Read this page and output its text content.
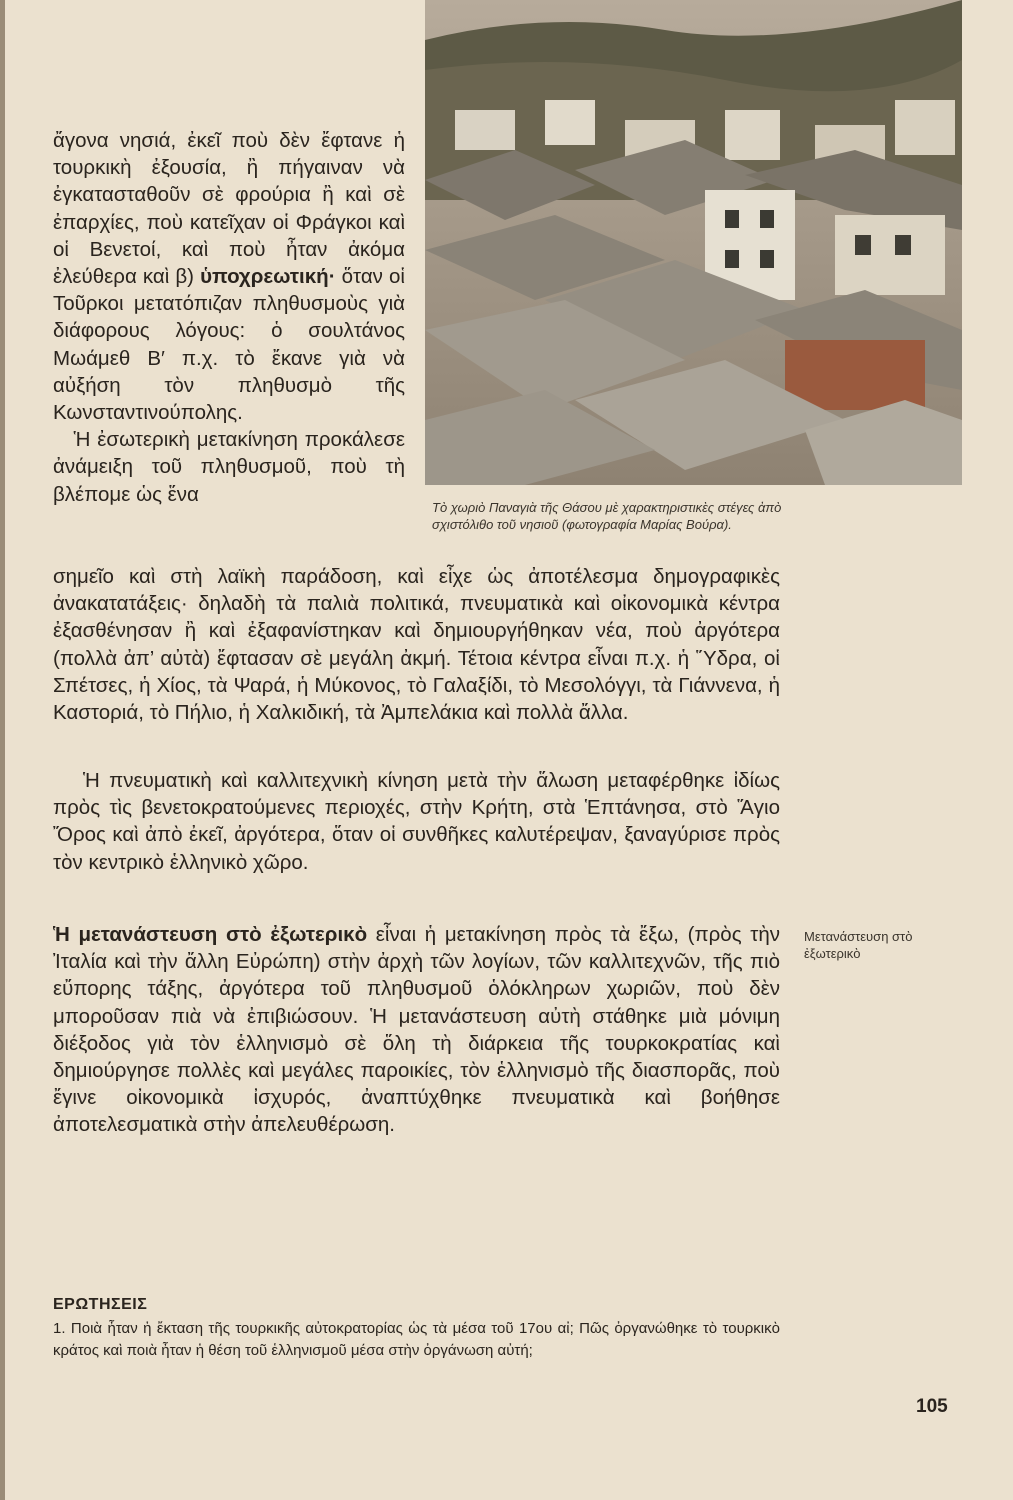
Τὸ χωριὸ Παναγιὰ τῆς Θάσου μὲ χαρακτηριστικὲς στέγες ἀπὸ σχιστόλιθο τοῦ νησιοῦ (φωτογραφία Μαρίας Βούρα).

ἄγονα νησιά, ἐκεῖ ποὺ δὲν ἔφτανε ἡ τουρκικὴ ἐξουσία, ἢ πήγαιναν νὰ ἐγκατασταθοῦν σὲ φρούρια ἢ καὶ σὲ ἐπαρχίες, ποὺ κατεῖχαν οἱ Φράγκοι καὶ οἱ Βενετοί, καὶ ποὺ ἦταν ἀκόμα ἐλεύθερα καὶ β) ὑποχρεωτική· ὅταν οἱ Τοῦρκοι μετατόπιζαν πληθυσμοὺς γιὰ διάφορους λόγους: ὁ σουλτάνος Μωάμεθ Β′ π.χ. τὸ ἔκανε γιὰ νὰ αὐξήση τὸν πληθυσμὸ τῆς Κωνσταντινούπολης.
Ἡ ἐσωτερικὴ μετακίνηση προκάλεσε ἀνάμειξη τοῦ πληθυσμοῦ, ποὺ τὴ βλέπομε ὡς ἕνα

σημεῖο καὶ στὴ λαϊκὴ παράδοση, καὶ εἶχε ὡς ἀποτέλεσμα δημογραφικὲς ἀνακατατάξεις· δηλαδὴ τὰ παλιὰ πολιτικά, πνευματικὰ καὶ οἰκονομικὰ κέντρα ἐξασθένησαν ἢ καὶ ἐξαφανίστηκαν καὶ δημιουργήθηκαν νέα, ποὺ ἀργότερα (πολλὰ ἀπ’ αὐτὰ) ἔφτασαν σὲ μεγάλη ἀκμή. Τέτοια κέντρα εἶναι π.χ. ἡ Ὕδρα, οἱ Σπέτσες, ἡ Χίος, τὰ Ψαρά, ἡ Μύκονος, τὸ Γαλαξίδι, τὸ Μεσολόγγι, τὰ Γιάννενα, ἡ Καστοριά, τὸ Πήλιο, ἡ Χαλκιδική, τὰ Ἀμπελάκια καὶ πολλὰ ἄλλα.

Ἡ πνευματικὴ καὶ καλλιτεχνικὴ κίνηση μετὰ τὴν ἅλωση μεταφέρθηκε ἰδίως πρὸς τὶς βενετοκρατούμενες περιοχές, στὴν Κρήτη, στὰ Ἑπτάνησα, στὸ Ἅγιο Ὄρος καὶ ἀπὸ ἐκεῖ, ἀργότερα, ὅταν οἱ συνθῆκες καλυτέρεψαν, ξαναγύρισε πρὸς τὸν κεντρικὸ ἑλληνικὸ χῶρο.

Ἡ μετανάστευση στὸ ἐξωτερικὸ εἶναι ἡ μετακίνηση πρὸς τὰ ἔξω, (πρὸς τὴν Ἰταλία καὶ τὴν ἄλλη Εὐρώπη) στὴν ἀρχὴ τῶν λογίων, τῶν καλλιτεχνῶν, τῆς πιὸ εὔπορης τάξης, ἀργότερα τοῦ πληθυσμοῦ ὁλόκληρων χωριῶν, ποὺ δὲν μποροῦσαν πιὰ νὰ ἐπιβιώσουν. Ἡ μετανάστευση αὐτὴ στάθηκε μιὰ μόνιμη διέξοδος γιὰ τὸν ἑλληνισμὸ σὲ ὅλη τὴ διάρκεια τῆς τουρκοκρατίας καὶ δημιούργησε πολλὲς καὶ μεγάλες παροικίες, τὸν ἑλληνισμὸ τῆς διασπορᾶς, ποὺ ἔγινε οἰκονομικὰ ἰσχυρός, ἀναπτύχθηκε πνευματικὰ καὶ βοήθησε ἀποτελεσματικὰ στὴν ἀπελευθέρωση.

Μετανάστευση στὸ ἐξωτερικὸ
ΕΡΩΤΗΣΕΙΣ
1. Ποιὰ ἦταν ἡ ἔκταση τῆς τουρκικῆς αὐτοκρατορίας ὡς τὰ μέσα τοῦ 17ου αἰ; Πῶς ὀργανώθηκε τὸ τουρκικὸ κράτος καὶ ποιὰ ἦταν ἡ θέση τοῦ ἑλληνισμοῦ μέσα στὴν ὀργάνωση αὐτή;
105
